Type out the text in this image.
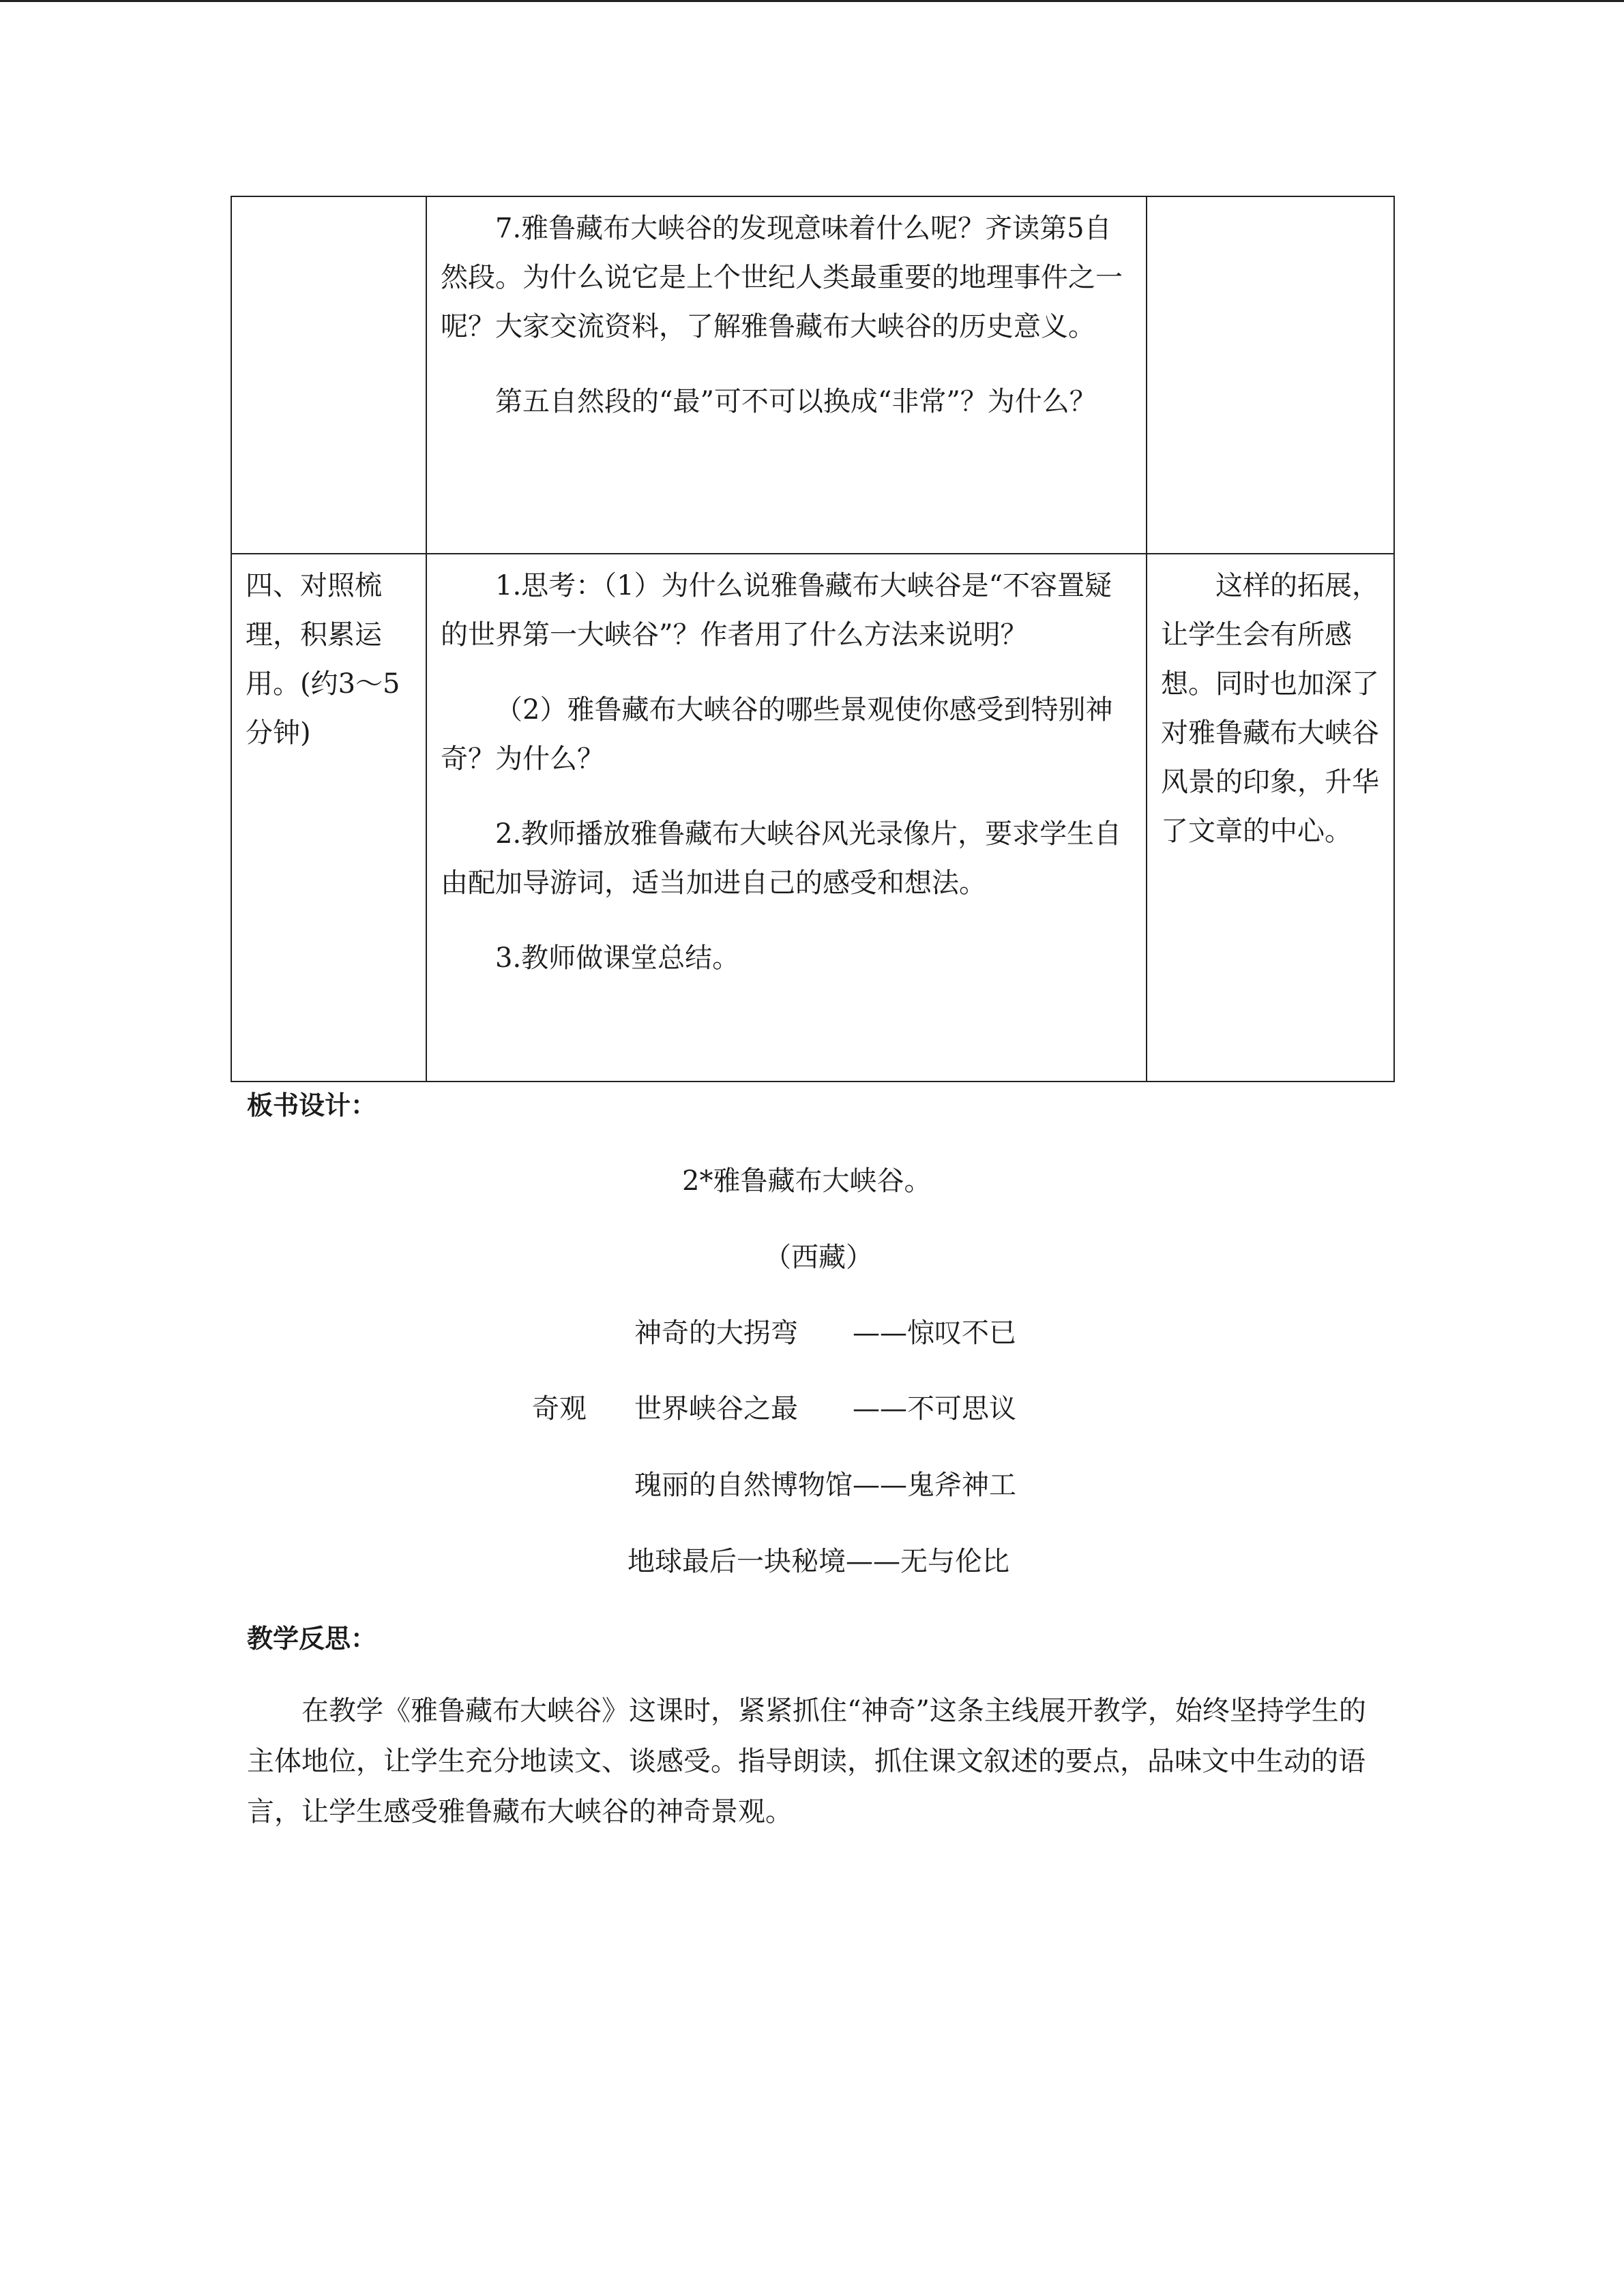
	7.雅鲁藏布大峡谷的发现意味着什么呢？齐读第5自然段。为什么说它是上个世纪人类最重要的地理事件之一呢？大家交流资料，了解雅鲁藏布大峡谷的历史意义。

第五自然段的“最”可不可以换成“非常”？为什么？	

四、对照梳理，积累运用。(约3～5分钟)	1.思考：（1）为什么说雅鲁藏布大峡谷是“不容置疑的世界第一大峡谷”？作者用了什么方法来说明？

（2）雅鲁藏布大峡谷的哪些景观使你感受到特别神奇？为什么？

2.教师播放雅鲁藏布大峡谷风光录像片，要求学生自由配加导游词，适当加进自己的感受和想法。

3.教师做课堂总结。	这样的拓展，让学生会有所感想。同时也加深了对雅鲁藏布大峡谷风景的印象，升华了文章的中心。

板书设计：

2*雅鲁藏布大峡谷。

（西藏）

神奇的大拐弯　　——惊叹不已

奇观 世界峡谷之最　　——不可思议

瑰丽的自然博物馆——鬼斧神工

地球最后一块秘境——无与伦比

教学反思：

在教学《雅鲁藏布大峡谷》这课时，紧紧抓住“神奇”这条主线展开教学，始终坚持学生的主体地位，让学生充分地读文、谈感受。指导朗读，抓住课文叙述的要点，品味文中生动的语言，让学生感受雅鲁藏布大峡谷的神奇景观。
